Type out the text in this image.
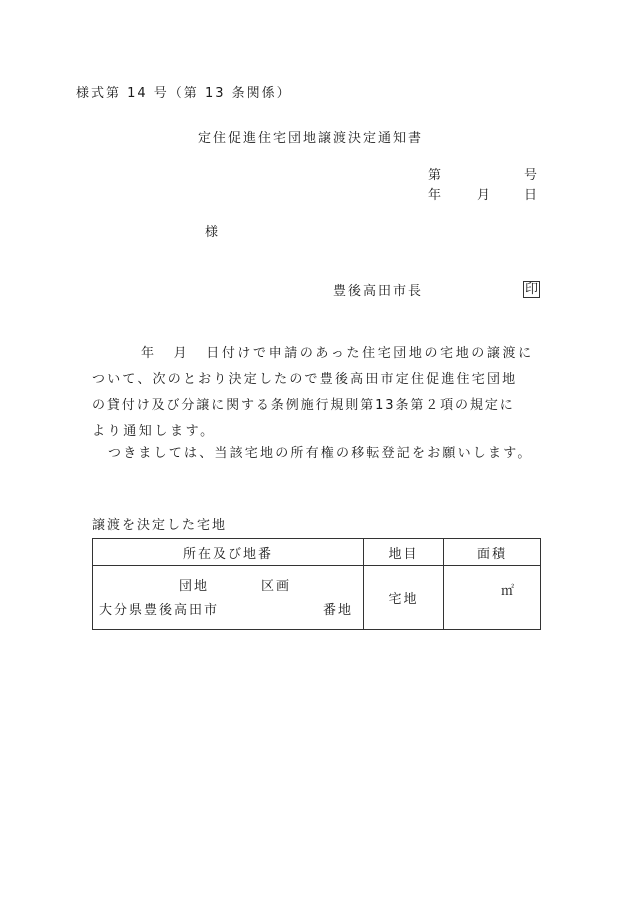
様式第 14 号（第 13 条関係）
定住促進住宅団地譲渡決定通知書
第	号
年	月	日
様
豊後高田市長	印
年 月 日付けで申請のあった住宅団地の宅地の譲渡に
ついて、次のとおり決定したので豊後高田市定住促進住宅団地
の貸付け及び分譲に関する条例施行規則第13条第２項の規定に
より通知します。
つきましては、当該宅地の所有権の移転登記をお願いします。
譲渡を決定した宅地
所在及び地番	地目	面積

団地 区画
大分県豊後高田市 番地	宅地	㎡
